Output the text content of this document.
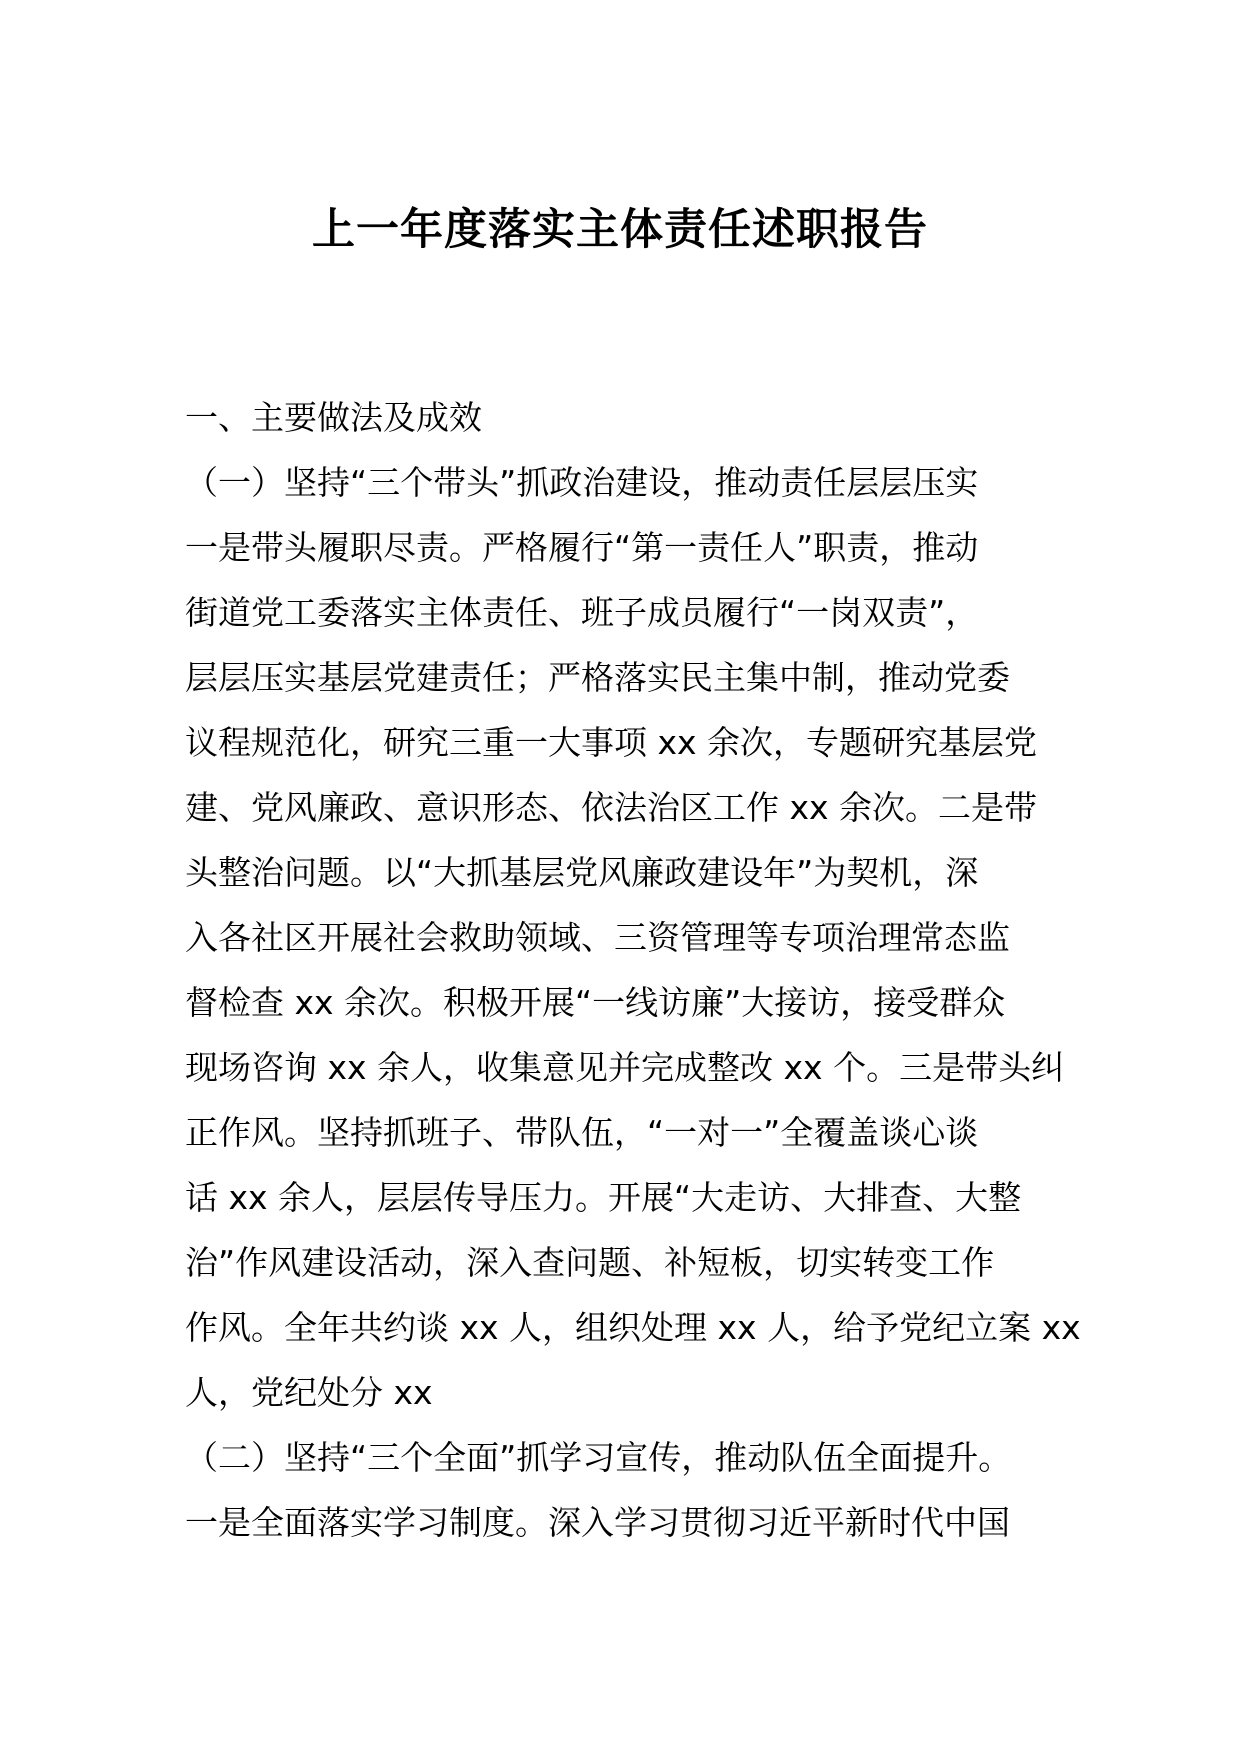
上一年度落实主体责任述职报告

一、主要做法及成效

（一）坚持“三个带头”抓政治建设，推动责任层层压实

一是带头履职尽责。严格履行“第一责任人”职责，推动

街道党工委落实主体责任、班子成员履行“一岗双责”，

层层压实基层党建责任；严格落实民主集中制，推动党委

议程规范化，研究三重一大事项 xx 余次，专题研究基层党

建、党风廉政、意识形态、依法治区工作 xx 余次。二是带

头整治问题。以“大抓基层党风廉政建设年”为契机，深

入各社区开展社会救助领域、三资管理等专项治理常态监

督检查 xx 余次。积极开展“一线访廉”大接访，接受群众

现场咨询 xx 余人，收集意见并完成整改 xx 个。三是带头纠

正作风。坚持抓班子、带队伍，“一对一”全覆盖谈心谈

话 xx 余人，层层传导压力。开展“大走访、大排查、大整

治”作风建设活动，深入查问题、补短板，切实转变工作

作风。全年共约谈 xx 人，组织处理 xx 人，给予党纪立案 xx

人，党纪处分 xx

（二）坚持“三个全面”抓学习宣传，推动队伍全面提升。

一是全面落实学习制度。深入学习贯彻习近平新时代中国
